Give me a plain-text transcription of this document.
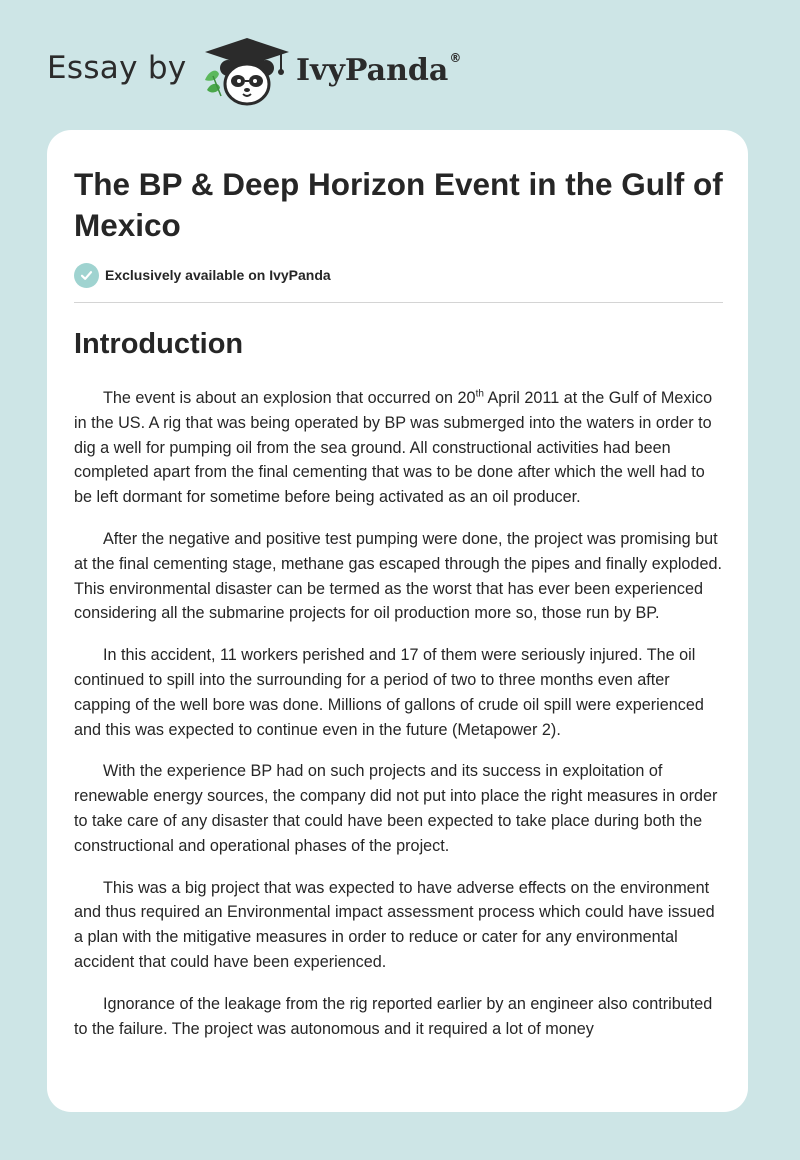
Essay by	IvyPanda®
The BP & Deep Horizon Event in the Gulf of Mexico
Exclusively available on IvyPanda
Introduction

The event is about an explosion that occurred on 20th April 2011 at the Gulf of Mexico in the US. A rig that was being operated by BP was submerged into the waters in order to dig a well for pumping oil from the sea ground. All constructional activities had been completed apart from the final cementing that was to be done after which the well had to be left dormant for sometime before being activated as an oil producer.

After the negative and positive test pumping were done, the project was promising but at the final cementing stage, methane gas escaped through the pipes and finally exploded. This environmental disaster can be termed as the worst that has ever been experienced considering all the submarine projects for oil production more so, those run by BP.

In this accident, 11 workers perished and 17 of them were seriously injured. The oil continued to spill into the surrounding for a period of two to three months even after capping of the well bore was done. Millions of gallons of crude oil spill were experienced and this was expected to continue even in the future (Metapower 2).

With the experience BP had on such projects and its success in exploitation of renewable energy sources, the company did not put into place the right measures in order to take care of any disaster that could have been expected to take place during both the constructional and operational phases of the project.

This was a big project that was expected to have adverse effects on the environment and thus required an Environmental impact assessment process which could have issued a plan with the mitigative measures in order to reduce or cater for any environmental accident that could have been experienced.

Ignorance of the leakage from the rig reported earlier by an engineer also contributed to the failure. The project was autonomous and it required a lot of money
